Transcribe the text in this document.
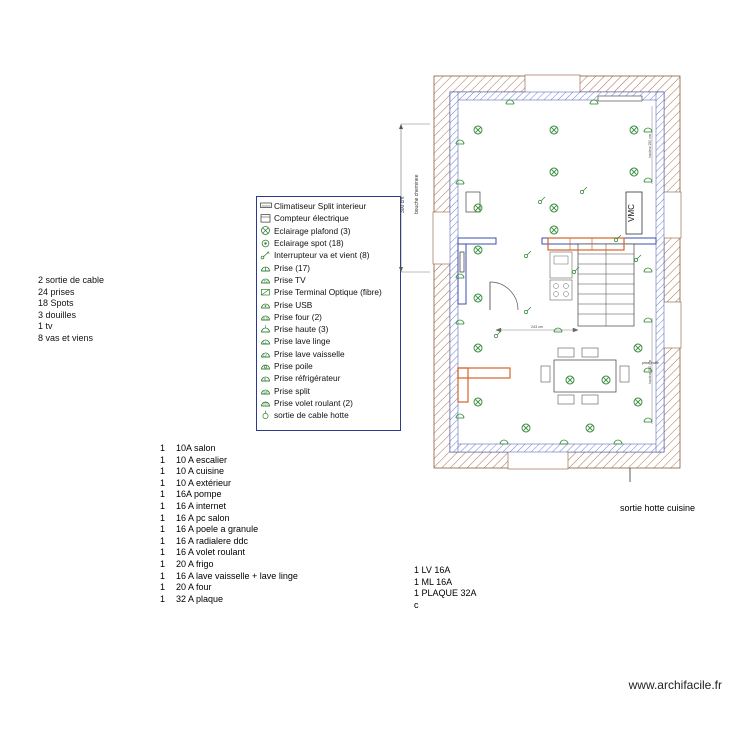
2 sortie de cable
24 prises
18 Spots
3 douilles
1 tv
8 vas et viens
Climatiseur Split interieur
Compteur électrique
Eclairage plafond (3)
Eclairage spot (18)
Interrupteur va et vient (8)
Prise (17)
TV Prise TV
Prise Terminal Optique (fibre)
Prise USB
Prise four (2)
Prise haute (3)
LL Prise lave linge
LV Prise lave vaisselle
Prise poile
R Prise réfrigérateur
SP Prise split
Prise volet roulant (2)
sortie de cable hotte
1	10A salon
1	10 A escalier
1	10 A cuisine
1	10 A extérieur
1	16A pompe
1	16 A internet
1	16 A pc salon
1	16 A poele a granule
1	16 A radialere ddc
1	16 A volet roulant
1	20 A frigo
1	16 A lave vaisselle + lave linge
1	20 A four
1	32 A plaque
1 LV 16A
1 ML 16A
1 PLAQUE 32A
c
sortie hotte cuisine
www.archifacile.fr
300 cm bouche cheminee	VMC
prise hotte
hauteur 250 cm
hauteur 250 cm
243 cm
